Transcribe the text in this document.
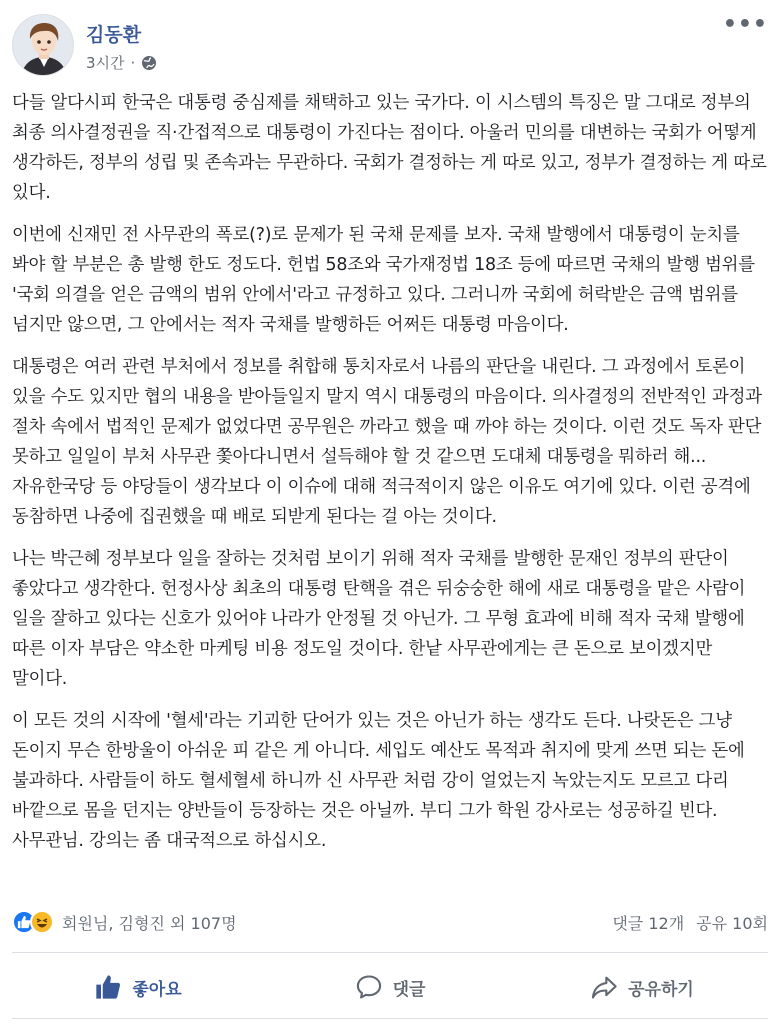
김동환
3시간 ·
•••

다들 알다시피 한국은 대통령 중심제를 채택하고 있는 국가다. 이 시스템의 특징은 말 그대로 정부의 최종 의사결정권을 직·간접적으로 대통령이 가진다는 점이다. 아울러 민의를 대변하는 국회가 어떻게 생각하든, 정부의 성립 및 존속과는 무관하다. 국회가 결정하는 게 따로 있고, 정부가 결정하는 게 따로 있다.

이번에 신재민 전 사무관의 폭로(?)로 문제가 된 국채 문제를 보자. 국채 발행에서 대통령이 눈치를 봐야 할 부분은 총 발행 한도 정도다. 헌법 58조와 국가재정법 18조 등에 따르면 국채의 발행 범위를 '국회 의결을 얻은 금액의 범위 안에서'라고 규정하고 있다. 그러니까 국회에 허락받은 금액 범위를 넘지만 않으면, 그 안에서는 적자 국채를 발행하든 어쩌든 대통령 마음이다.

대통령은 여러 관련 부처에서 정보를 취합해 통치자로서 나름의 판단을 내린다. 그 과정에서 토론이 있을 수도 있지만 협의 내용을 받아들일지 말지 역시 대통령의 마음이다. 의사결정의 전반적인 과정과 절차 속에서 법적인 문제가 없었다면 공무원은 까라고 했을 때 까야 하는 것이다. 이런 것도 독자 판단 못하고 일일이 부처 사무관 쫓아다니면서 설득해야 할 것 같으면 도대체 대통령을 뭐하러 해... 자유한국당 등 야당들이 생각보다 이 이슈에 대해 적극적이지 않은 이유도 여기에 있다. 이런 공격에 동참하면 나중에 집권했을 때 배로 되받게 된다는 걸 아는 것이다.

나는 박근혜 정부보다 일을 잘하는 것처럼 보이기 위해 적자 국채를 발행한 문재인 정부의 판단이 좋았다고 생각한다. 헌정사상 최초의 대통령 탄핵을 겪은 뒤숭숭한 해에 새로 대통령을 맡은 사람이 일을 잘하고 있다는 신호가 있어야 나라가 안정될 것 아닌가. 그 무형 효과에 비해 적자 국채 발행에 따른 이자 부담은 약소한 마케팅 비용 정도일 것이다. 한낱 사무관에게는 큰 돈으로 보이겠지만 말이다.

이 모든 것의 시작에 '혈세'라는 기괴한 단어가 있는 것은 아닌가 하는 생각도 든다. 나랏돈은 그냥 돈이지 무슨 한방울이 아쉬운 피 같은 게 아니다. 세입도 예산도 목적과 취지에 맞게 쓰면 되는 돈에 불과하다. 사람들이 하도 혈세혈세 하니까 신 사무관 처럼 강이 얼었는지 녹았는지도 모르고 다리 바깥으로 몸을 던지는 양반들이 등장하는 것은 아닐까. 부디 그가 학원 강사로는 성공하길 빈다. 사무관님. 강의는 좀 대국적으로 하십시오.

회원님, 김형진 외 107명	댓글 12개 공유 10회
좋아요	댓글	공유하기
